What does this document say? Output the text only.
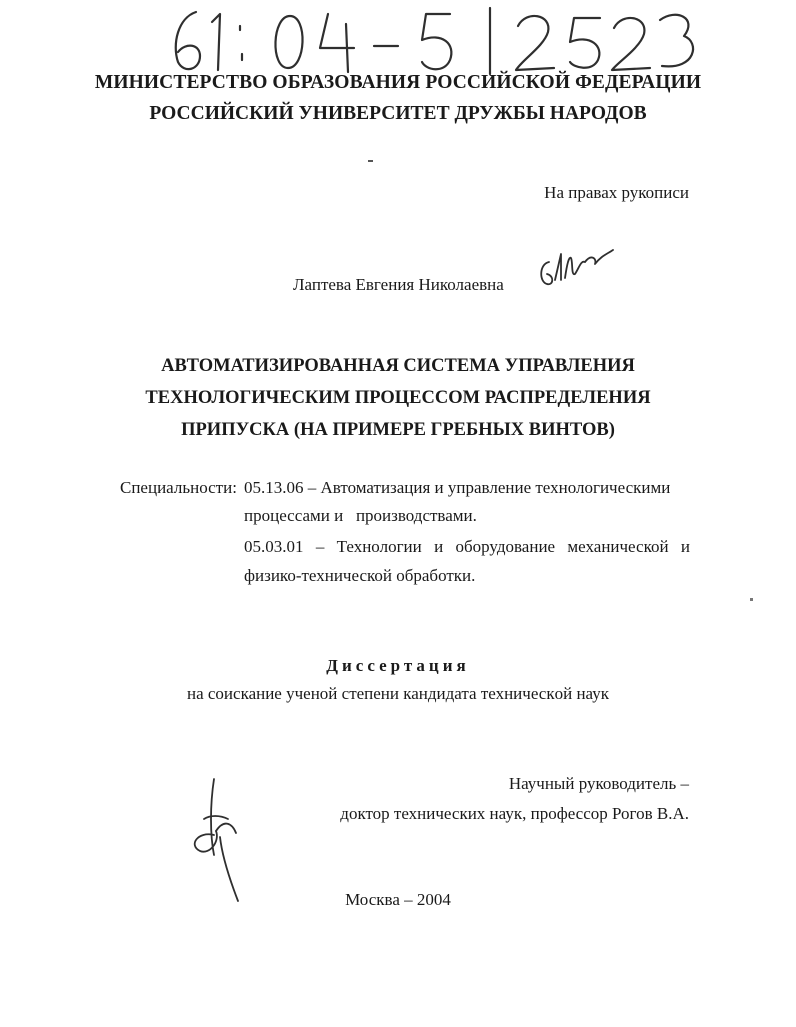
МИНИСТЕРСТВО ОБРАЗОВАНИЯ РОССИЙСКОЙ ФЕДЕРАЦИИ
РОССИЙСКИЙ УНИВЕРСИТЕТ ДРУЖБЫ НАРОДОВ
На правах рукописи
Лаптева Евгения Николаевна
АВТОМАТИЗИРОВАННАЯ СИСТЕМА УПРАВЛЕНИЯ
ТЕХНОЛОГИЧЕСКИМ ПРОЦЕССОМ РАСПРЕДЕЛЕНИЯ
ПРИПУСКА (НА ПРИМЕРЕ ГРЕБНЫХ ВИНТОВ)
Специальности: 05.13.06 – Автоматизация и управление технологическими
процессами и   производствами.
05.03.01 – Технологии и оборудование механической и
физико-технической обработки.
Диссертация
на соискание ученой степени кандидата техническoй наук
Научный руководитель –
доктор технических наук, профессор Рогов В.А.
Москва – 2004
